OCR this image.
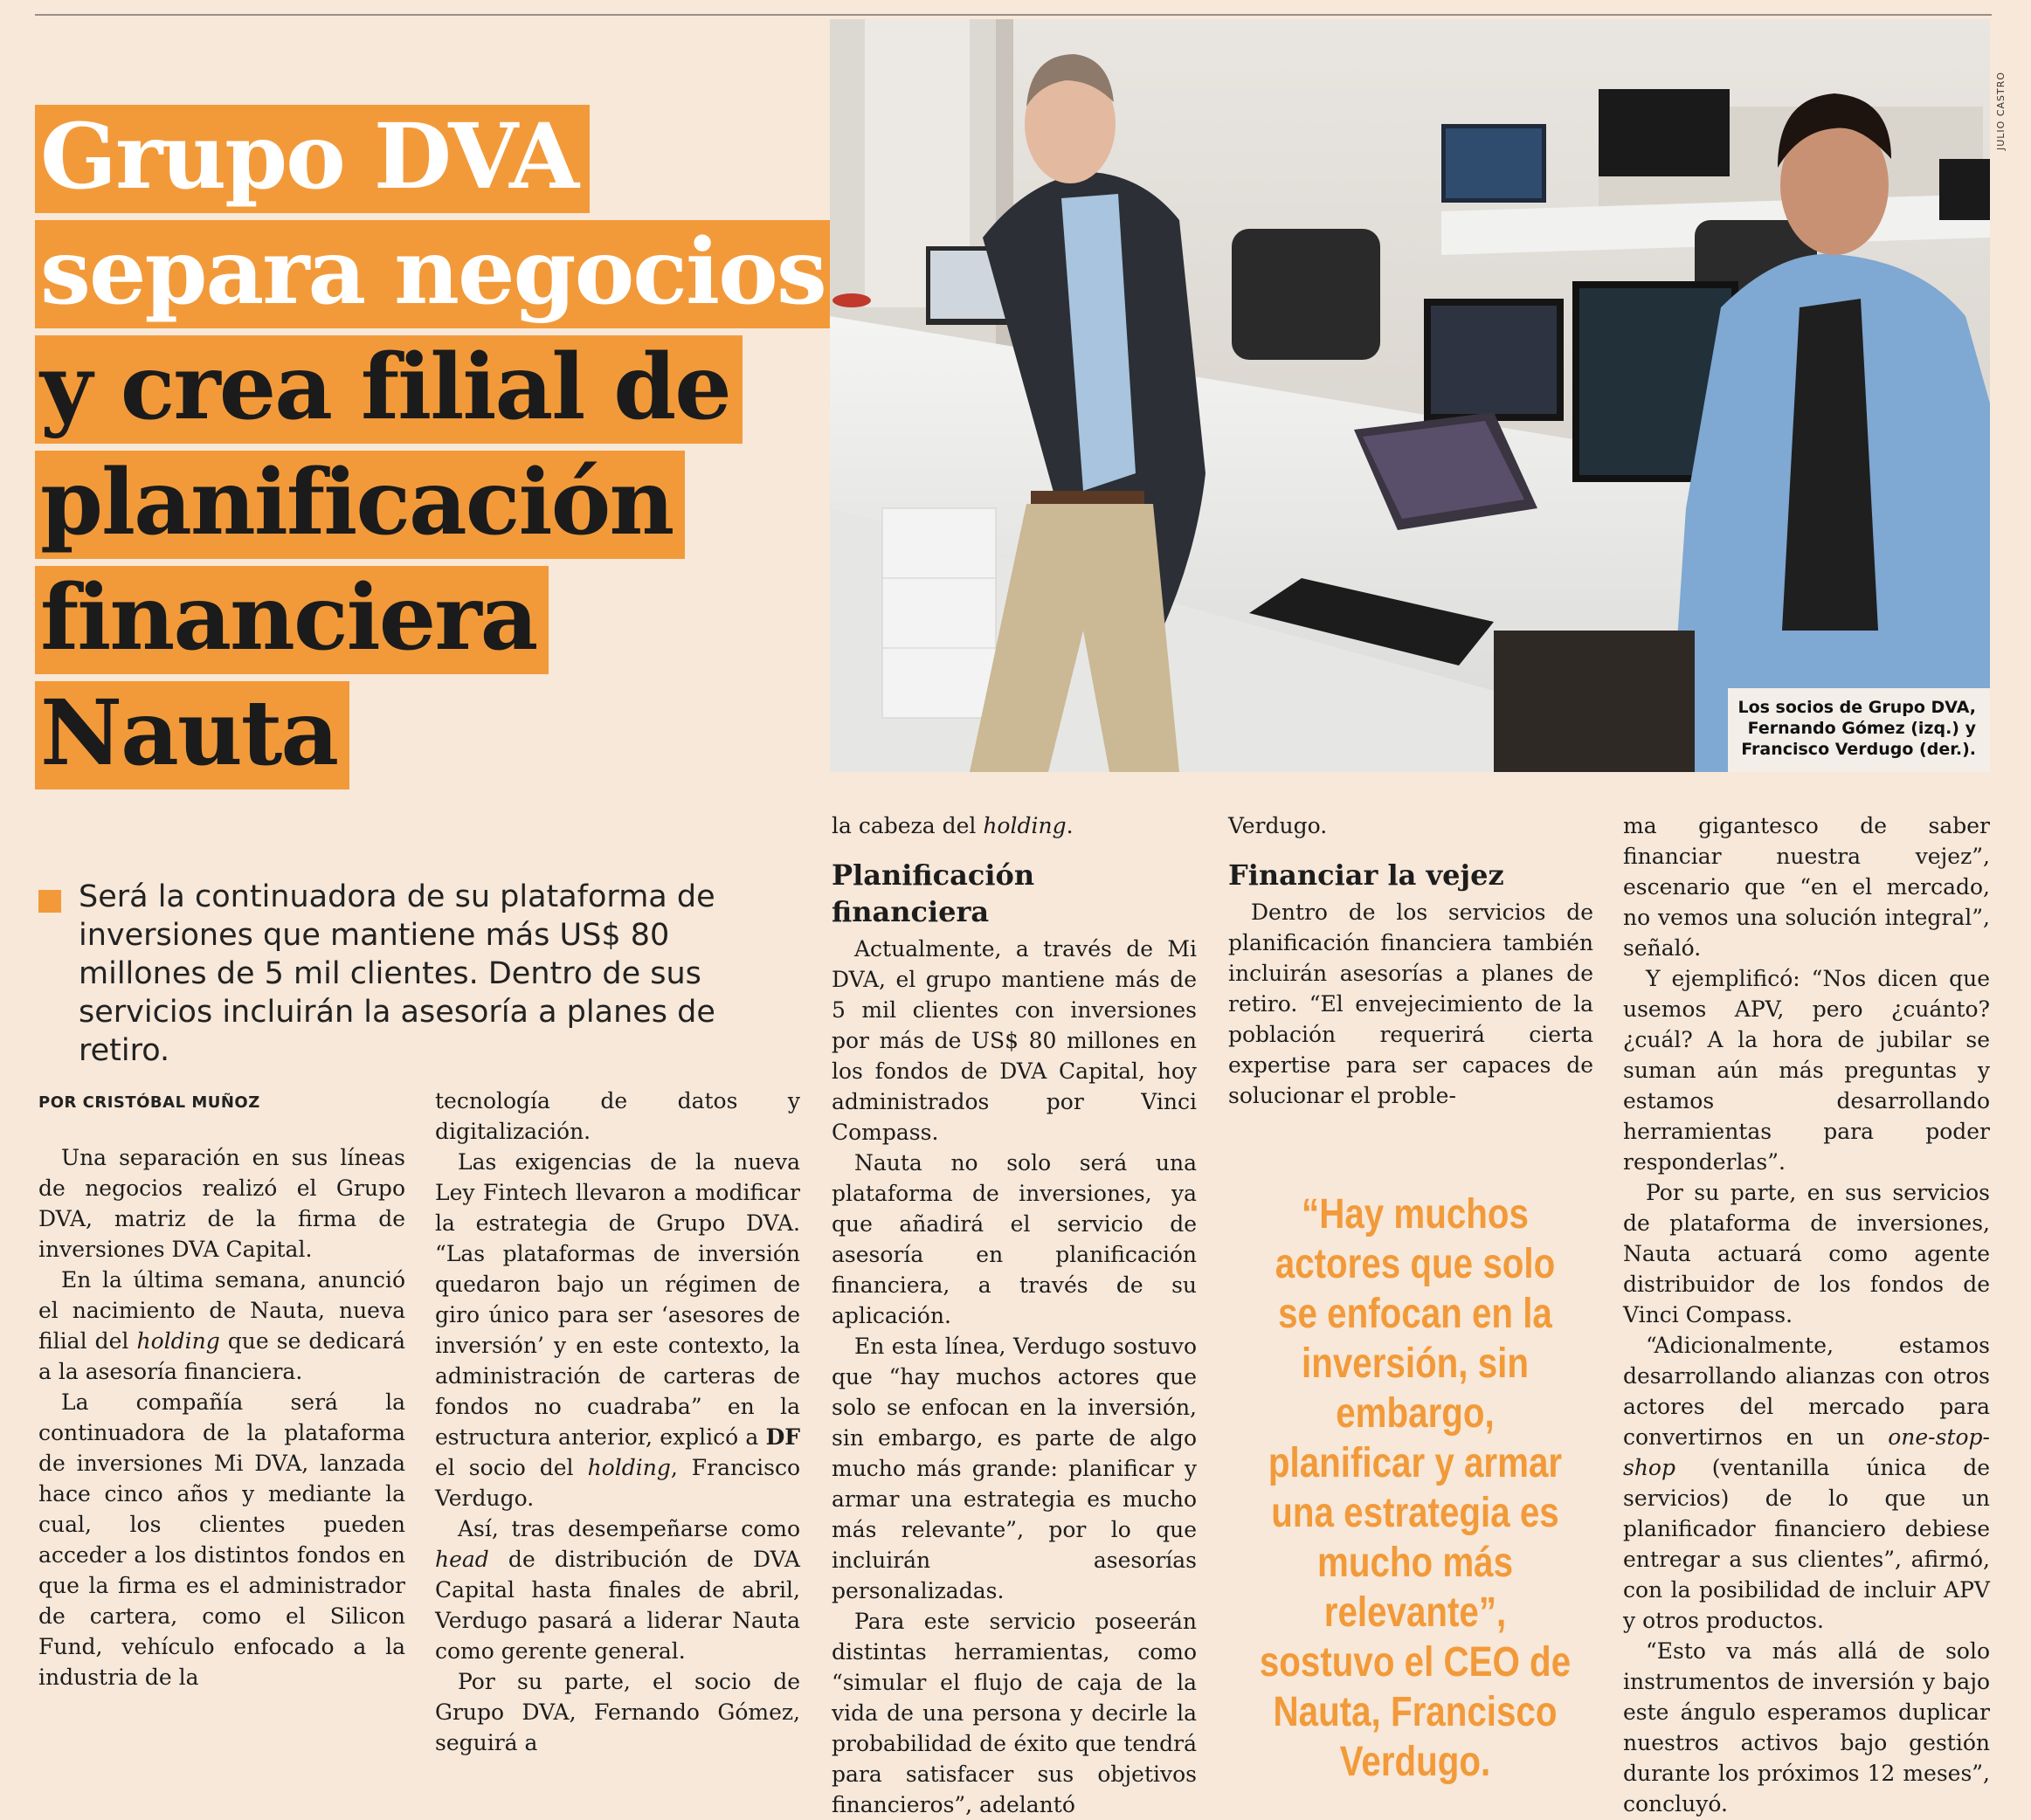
Grupo DVA
separa negocios
y crea filial de
planificación
financiera
Nauta
Será la continuadora de su plataforma de inversiones que mantiene más US$ 80 millones de 5 mil clientes. Dentro de sus servicios incluirán la asesoría a planes de retiro.
POR CRISTÓBAL MUÑOZ
Los socios de Grupo DVA, Fernando Gómez (izq.) y Francisco Verdugo (der.).
JULIO CASTRO

Una separación en sus líneas de negocios realizó el Grupo DVA, matriz de la firma de inversiones DVA Capital.

En la última semana, anunció el nacimiento de Nauta, nueva filial del holding que se dedicará a la asesoría financiera.

La compañía será la continuadora de la plataforma de inversiones Mi DVA, lanzada hace cinco años y mediante la cual, los clientes pueden acceder a los distintos fondos en que la firma es el administrador de cartera, como el Silicon Fund, vehículo enfocado a la industria de la

tecnología de datos y digitalización.

Las exigencias de la nueva Ley Fintech llevaron a modificar la estrategia de Grupo DVA. “Las plataformas de inversión quedaron bajo un régimen de giro único para ser ‘asesores de inversión’ y en este contexto, la administración de carteras de fondos no cuadraba” en la estructura anterior, explicó a DF el socio del holding, Francisco Verdugo.

Así, tras desempeñarse como head de distribución de DVA Capital hasta finales de abril, Verdugo pasará a liderar Nauta como gerente general.

Por su parte, el socio de Grupo DVA, Fernando Gómez, seguirá a

la cabeza del holding.

Planificación financiera

Actualmente, a través de Mi DVA, el grupo mantiene más de 5 mil clientes con inversiones por más de US$ 80 millones en los fondos de DVA Capital, hoy administrados por Vinci Compass.

Nauta no solo será una plataforma de inversiones, ya que añadirá el servicio de asesoría en planificación financiera, a través de su aplicación.

En esta línea, Verdugo sostuvo que “hay muchos actores que solo se enfocan en la inversión, sin embargo, es parte de algo mucho más grande: planificar y armar una estrategia es mucho más relevante”, por lo que incluirán asesorías personalizadas.

Para este servicio poseerán distintas herramientas, como “simular el flujo de caja de la vida de una persona y decirle la probabilidad de éxito que tendrá para satisfacer sus objetivos financieros”, adelantó

Verdugo.

Financiar la vejez

Dentro de los servicios de planificación financiera también incluirán asesorías a planes de retiro. “El envejecimiento de la población requerirá cierta expertise para ser capaces de solucionar el proble-

“Hay muchos actores que solo se enfocan en la inversión, sin embargo, planificar y armar una estrategia es mucho más relevante”, sostuvo el CEO de Nauta, Francisco Verdugo.

ma gigantesco de saber financiar nuestra vejez”, escenario que “en el mercado, no vemos una solución integral”, señaló.

Y ejemplificó: “Nos dicen que usemos APV, pero ¿cuánto? ¿cuál? A la hora de jubilar se suman aún más preguntas y estamos desarrollando herramientas para poder responderlas”.

Por su parte, en sus servicios de plataforma de inversiones, Nauta actuará como agente distribuidor de los fondos de Vinci Compass.

“Adicionalmente, estamos desarrollando alianzas con otros actores del mercado para convertirnos en un one-stop-shop (ventanilla única de servicios) de lo que un planificador financiero debiese entregar a sus clientes”, afirmó, con la posibilidad de incluir APV y otros productos.

“Esto va más allá de solo instrumentos de inversión y bajo este ángulo esperamos duplicar nuestros activos bajo gestión durante los próximos 12 meses”, concluyó.
